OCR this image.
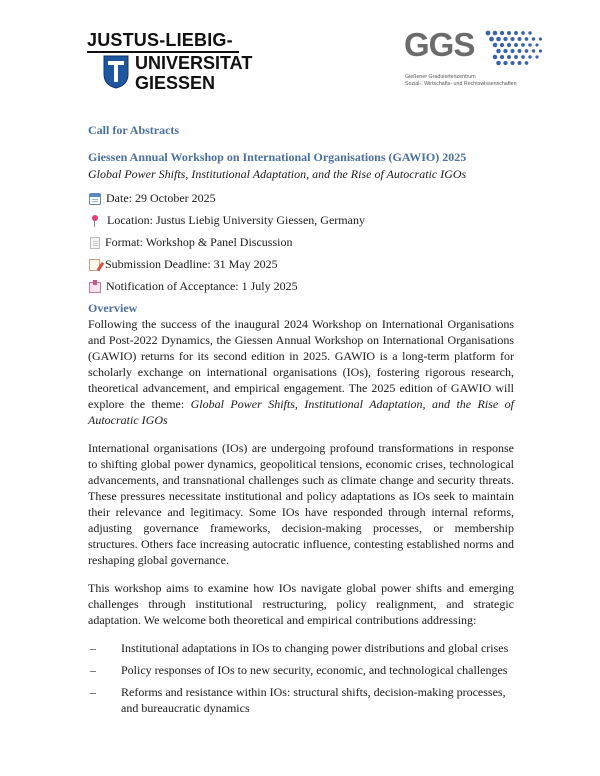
JUSTUS-LIEBIG-
UNIVERSITAT
GIESSEN
GGS
Gießener Graduiertenzentrum
Sozial-, Wirtschafts- und Rechtswissenschaften
Call for Abstracts
Giessen Annual Workshop on International Organisations (GAWIO) 2025
Global Power Shifts, Institutional Adaptation, and the Rise of Autocratic IGOs
Date: 29 October 2025
Location: Justus Liebig University Giessen, Germany
Format: Workshop & Panel Discussion
Submission Deadline: 31 May 2025
Notification of Acceptance: 1 July 2025
Overview

Following the success of the inaugural 2024 Workshop on International Organisations and Post-2022 Dynamics, the Giessen Annual Workshop on International Organisations (GAWIO) returns for its second edition in 2025. GAWIO is a long-term platform for scholarly exchange on international organisations (IOs), fostering rigorous research, theoretical advancement, and empirical engagement. The 2025 edition of GAWIO will explore the theme: Global Power Shifts, Institutional Adaptation, and the Rise of Autocratic IGOs

International organisations (IOs) are undergoing profound transformations in response to shifting global power dynamics, geopolitical tensions, economic crises, technological advancements, and transnational challenges such as climate change and security threats. These pressures necessitate institutional and policy adaptations as IOs seek to maintain their relevance and legitimacy. Some IOs have responded through internal reforms, adjusting governance frameworks, decision-making processes, or membership structures. Others face increasing autocratic influence, contesting established norms and reshaping global governance.

This workshop aims to examine how IOs navigate global power shifts and emerging challenges through institutional restructuring, policy realignment, and strategic adaptation. We welcome both theoretical and empirical contributions addressing:

–	Institutional adaptations in IOs to changing power distributions and global crises
–	Policy responses of IOs to new security, economic, and technological challenges
–	Reforms and resistance within IOs: structural shifts, decision-making processes, and bureaucratic dynamics
